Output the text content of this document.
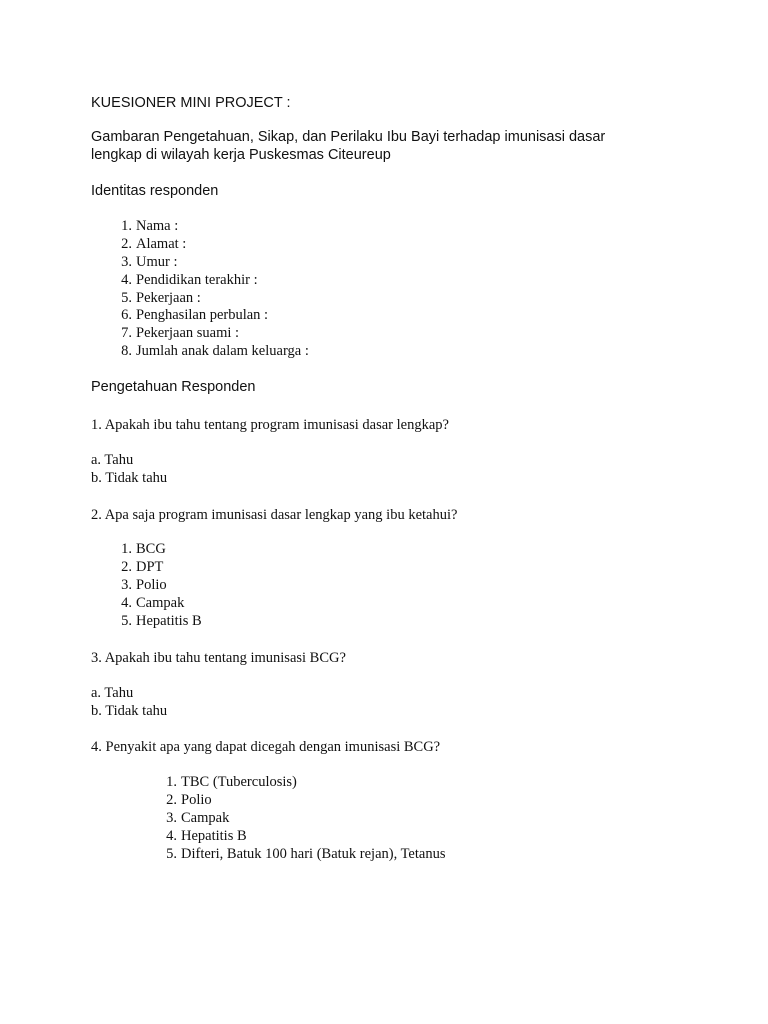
KUESIONER MINI PROJECT :

Gambaran Pengetahuan, Sikap, dan Perilaku Ibu Bayi terhadap imunisasi dasar

lengkap di wilayah kerja Puskesmas Citeureup

Identitas responden

1. Nama :
2. Alamat :
3. Umur :
4. Pendidikan terakhir :
5. Pekerjaan :
6. Penghasilan perbulan :
7. Pekerjaan suami :
8. Jumlah anak dalam keluarga :

Pengetahuan Responden

1. Apakah ibu tahu tentang program imunisasi dasar lengkap?

a. Tahu

b. Tidak tahu

2. Apa saja program imunisasi dasar lengkap yang ibu ketahui?

1. BCG
2. DPT
3. Polio
4. Campak
5. Hepatitis B

3. Apakah ibu tahu tentang imunisasi BCG?

a. Tahu

b. Tidak tahu

4. Penyakit apa yang dapat dicegah dengan imunisasi BCG?

1. TBC (Tuberculosis)
2. Polio
3. Campak
4. Hepatitis B
5. Difteri, Batuk 100 hari (Batuk rejan), Tetanus
